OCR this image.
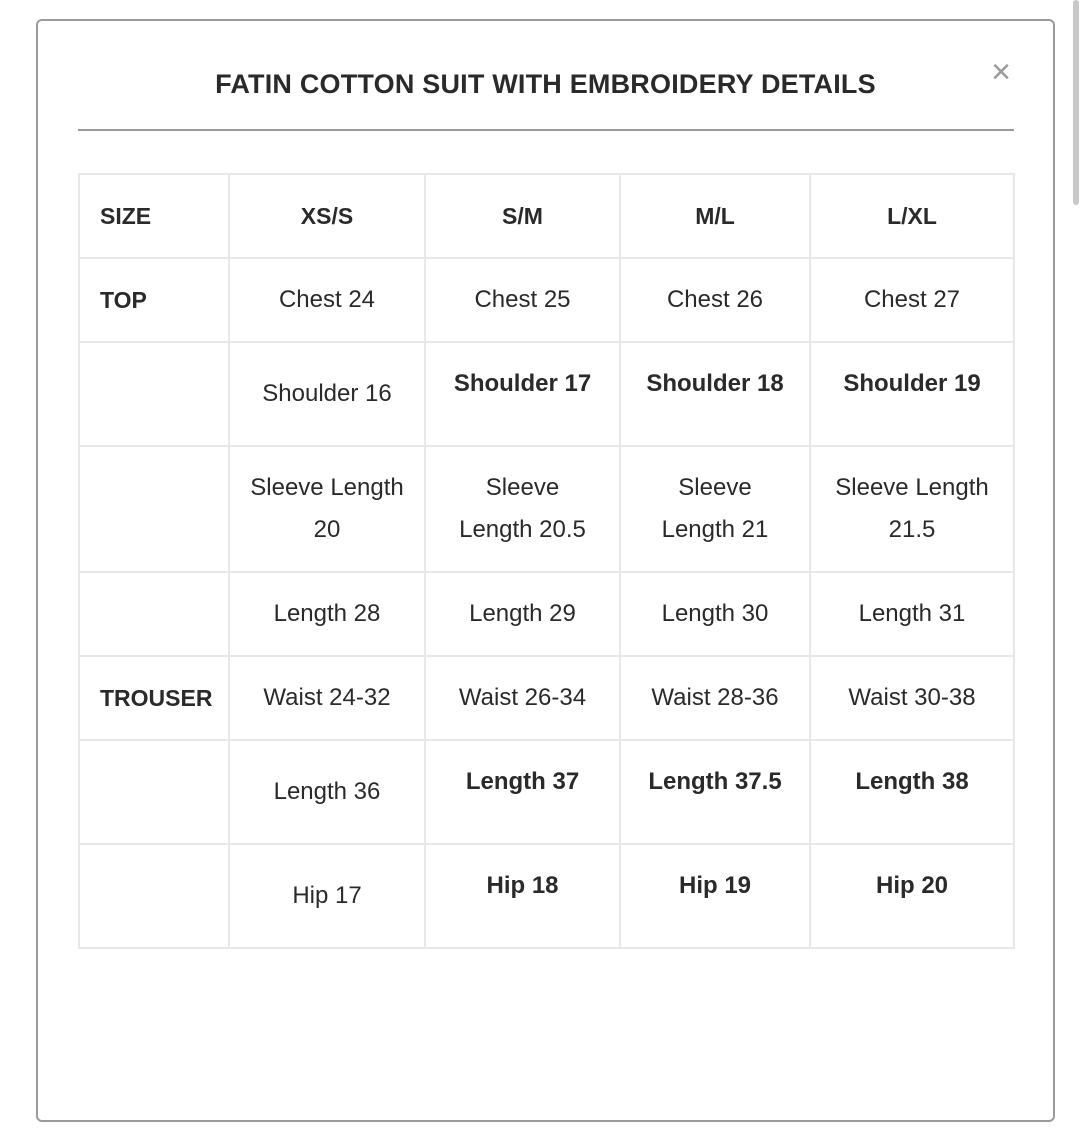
FATIN COTTON SUIT WITH EMBROIDERY DETAILS	×
SIZE	XS/S	S/M	M/L	L/XL
TOP	Chest 24	Chest 25	Chest 26	Chest 27
	Shoulder 16	Shoulder 17	Shoulder 18	Shoulder 19
	Sleeve Length 20	Sleeve Length 20.5	Sleeve Length 21	Sleeve Length 21.5
	Length 28	Length 29	Length 30	Length 31
TROUSER	Waist 24-32	Waist 26-34	Waist 28-36	Waist 30-38
	Length 36	Length 37	Length 37.5	Length 38
	Hip 17	Hip 18	Hip 19	Hip 20
